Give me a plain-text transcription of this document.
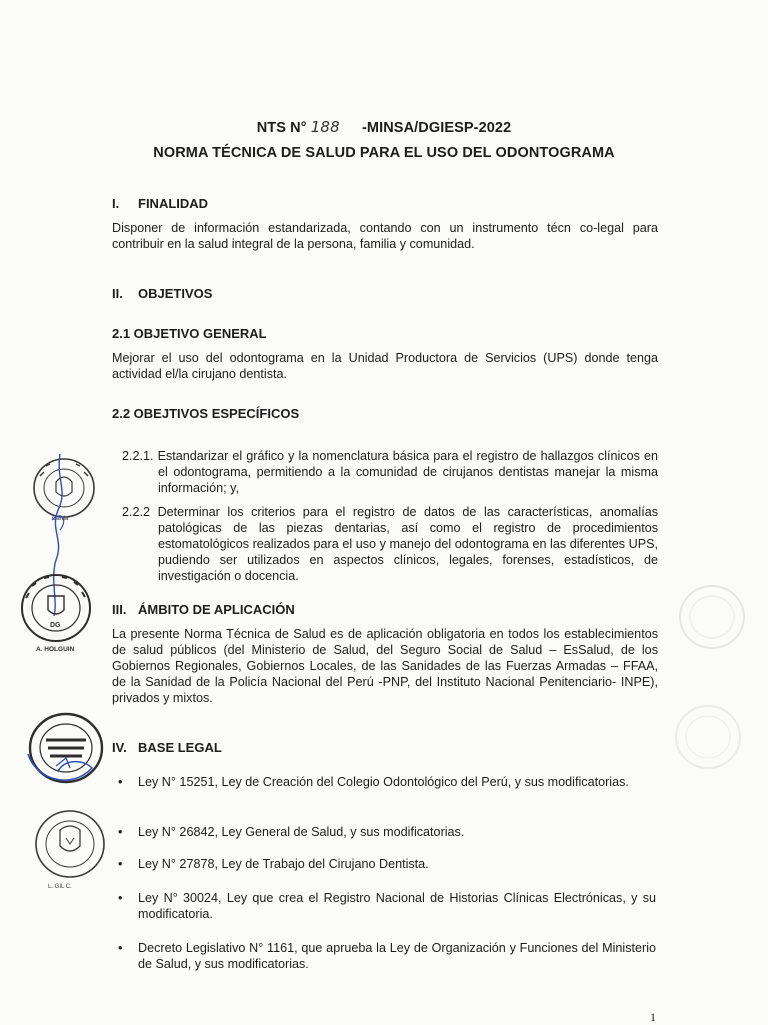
NTS N° 188 -MINSA/DGIESP-2022
NORMA TÉCNICA DE SALUD PARA EL USO DEL ODONTOGRAMA
I. FINALIDAD
Disponer de información estandarizada, contando con un instrumento técn co-legal para contribuir en la salud integral de la persona, familia y comunidad.
II. OBJETIVOS
2.1 OBJETIVO GENERAL
Mejorar el uso del odontograma en la Unidad Productora de Servicios (UPS) donde tenga actividad el/la cirujano dentista.
2.2 OBEJTIVOS ESPECÍFICOS
2.2.1. Estandarizar el gráfico y la nomenclatura básica para el registro de hallazgos clínicos en el odontograma, permitiendo a la comunidad de cirujanos dentistas manejar la misma información; y,
2.2.2 Determinar los criterios para el registro de datos de las características, anomalías patológicas de las piezas dentarias, así como el registro de procedimientos estomatológicos realizados para el uso y manejo del odontograma en las diferentes UPS, pudiendo ser utilizados en aspectos clínicos, legales, forenses, estadísticos, de investigación o docencia.
III. ÁMBITO DE APLICACIÓN
La presente Norma Técnica de Salud es de aplicación obligatoria en todos los establecimientos de salud públicos (del Ministerio de Salud, del Seguro Social de Salud – EsSalud, de los Gobiernos Regionales, Gobiernos Locales, de las Sanidades de las Fuerzas Armadas – FFAA, de la Sanidad de la Policía Nacional del Perú -PNP, del Instituto Nacional Penitenciario- INPE), privados y mixtos.
IV. BASE LEGAL
• Ley N° 15251, Ley de Creación del Colegio Odontológico del Perú, y sus modificatorias.
• Ley N° 26842, Ley General de Salud, y sus modificatorias.
• Ley N° 27878, Ley de Trabajo del Cirujano Dentista.
• Ley N° 30024, Ley que crea el Registro Nacional de Historias Clínicas Electrónicas, y su modificatoria.
• Decreto Legislativo N° 1161, que aprueba la Ley de Organización y Funciones del Ministerio de Salud, y sus modificatorias.
1
Carda
DG
A. HOLGUIN
L. GIL C.
